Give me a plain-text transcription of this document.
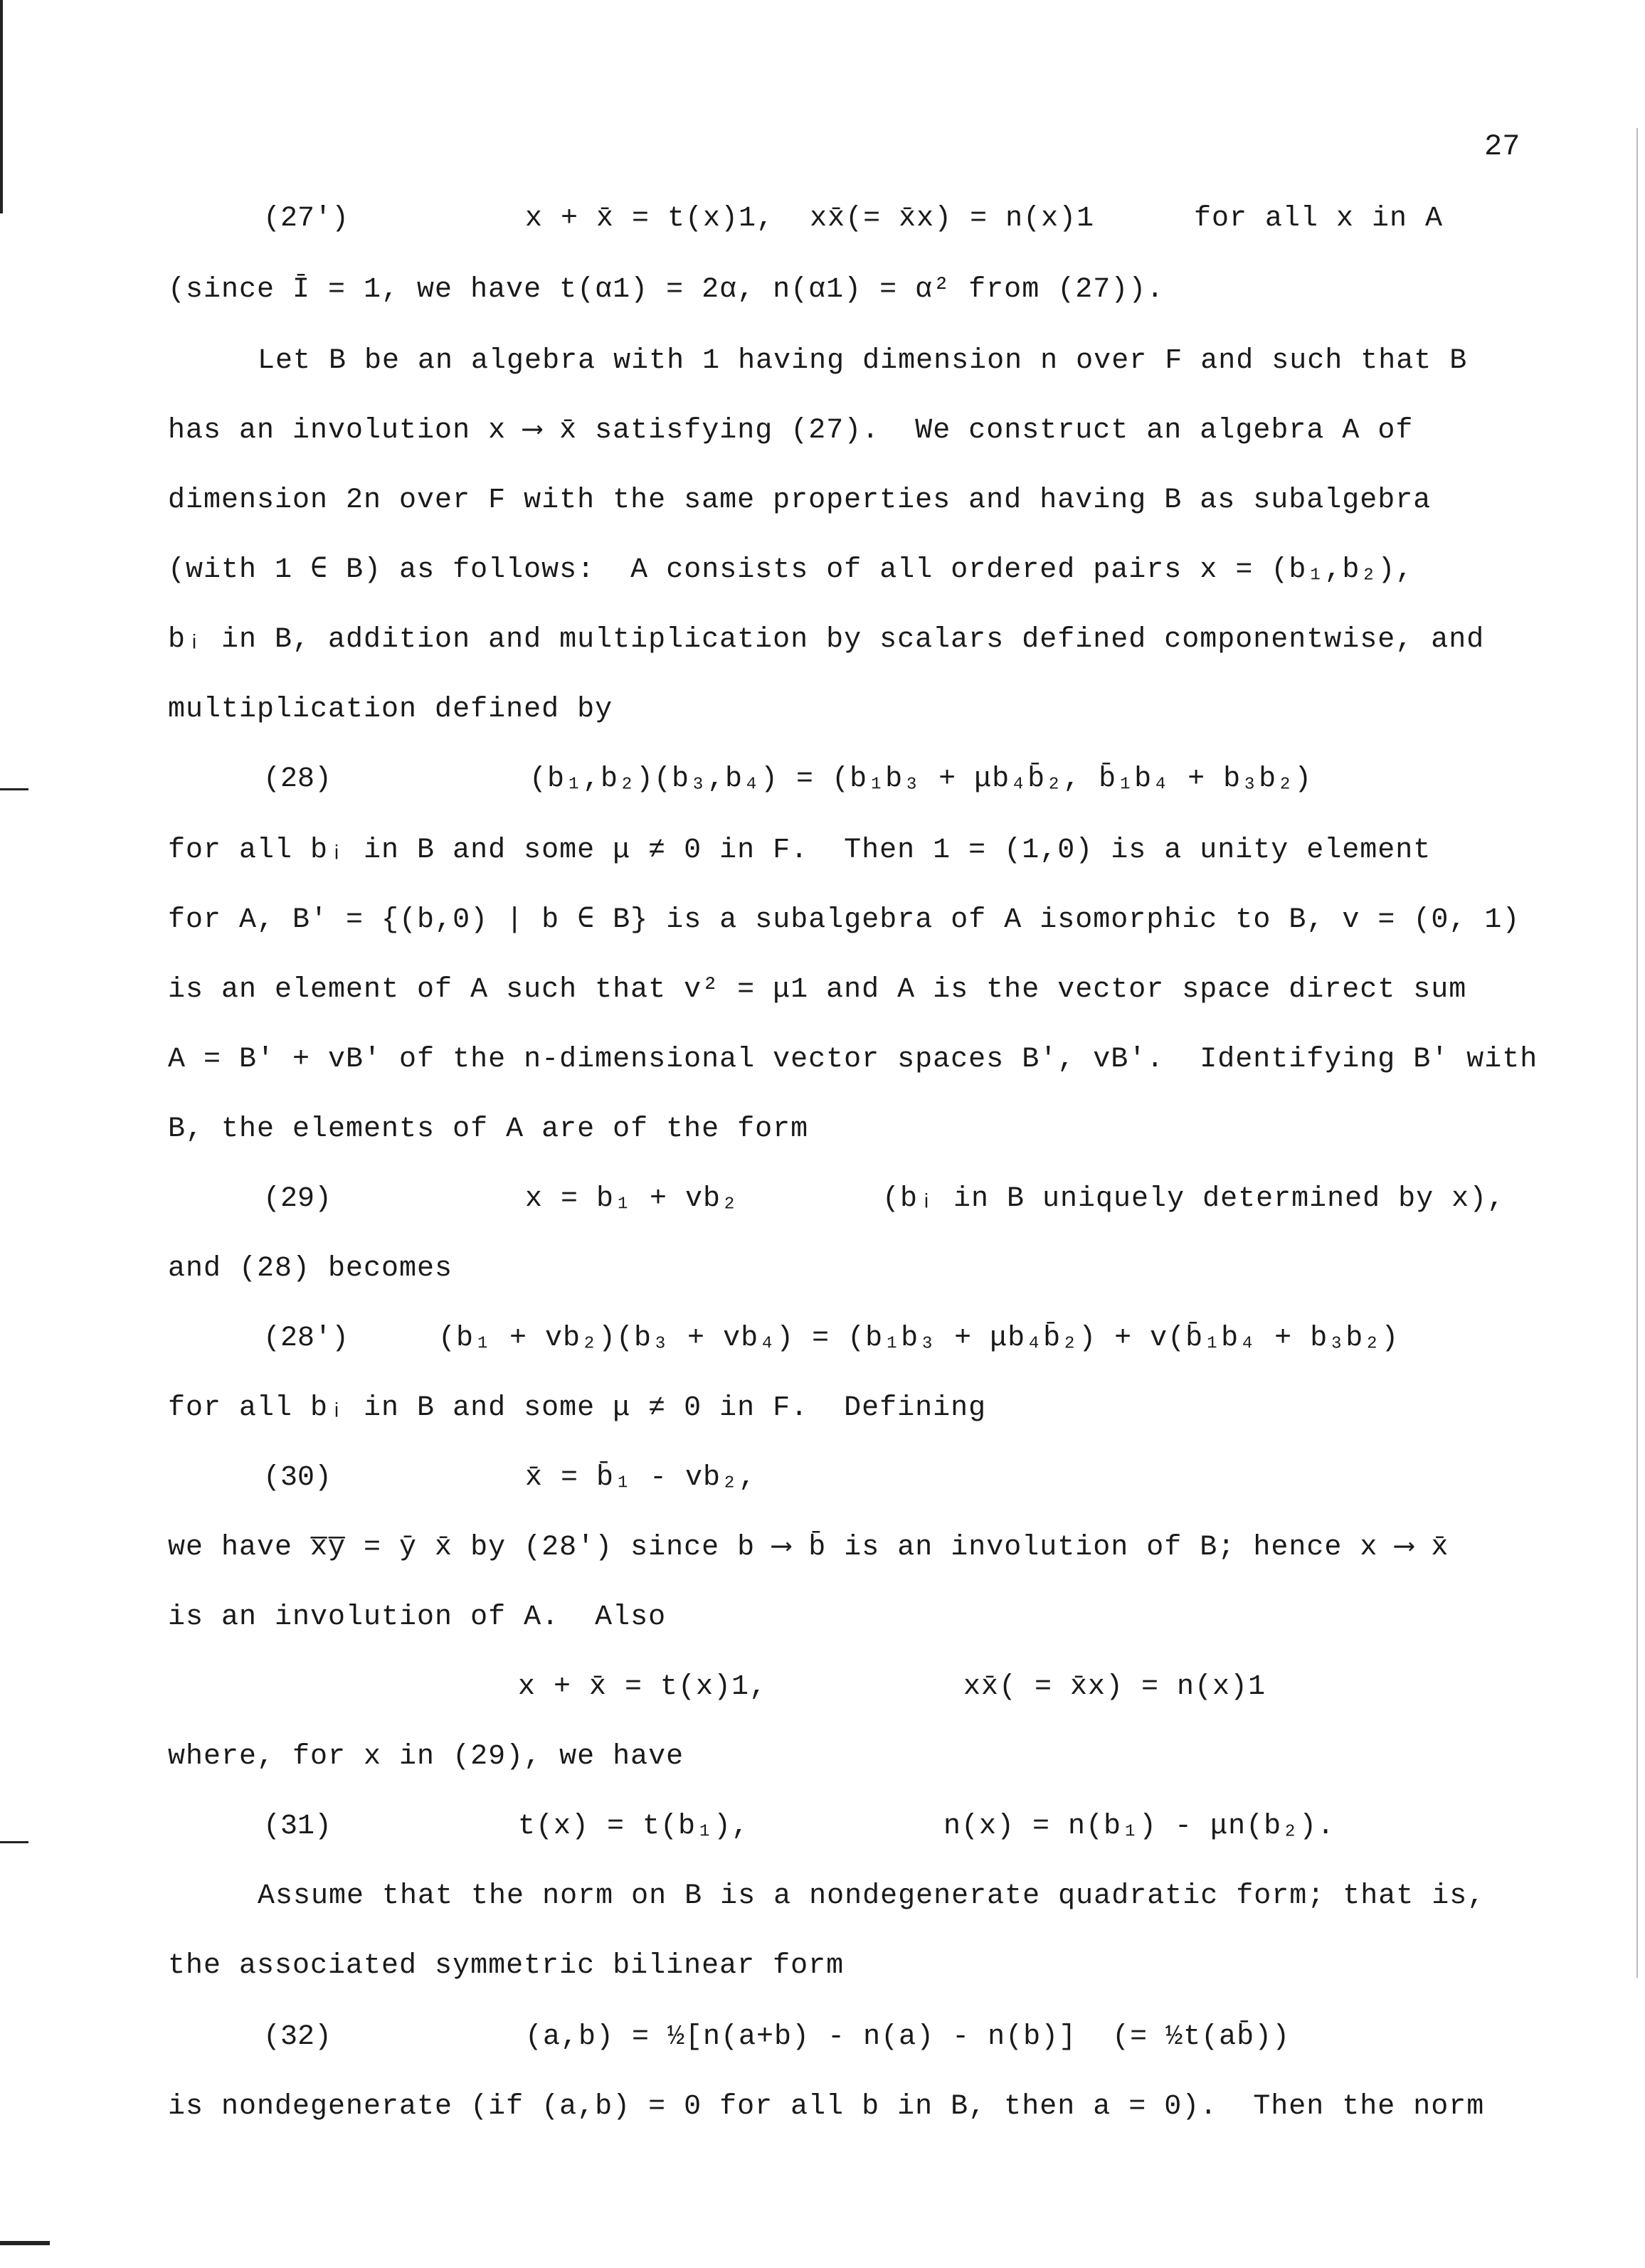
27
(27')	x + x̄ = t(x)1,  xx̄(= x̄x) = n(x)1	for all x in A
(since Ī = 1, we have t(α1) = 2α, n(α1) = α² from (27)).
Let B be an algebra with 1 having dimension n over F and such that B
has an involution x ⟶ x̄ satisfying (27).  We construct an algebra A of
dimension 2n over F with the same properties and having B as subalgebra
(with 1 ∈ B) as follows:  A consists of all ordered pairs x = (b₁,b₂),
bᵢ in B, addition and multiplication by scalars defined componentwise, and
multiplication defined by
(28)	(b₁,b₂)(b₃,b₄) = (b₁b₃ + μb₄b̄₂, b̄₁b₄ + b₃b₂)
for all bᵢ in B and some μ ≠ 0 in F.  Then 1 = (1,0) is a unity element
for A, B' = {(b,0) | b ∈ B} is a subalgebra of A isomorphic to B, v = (0, 1)
is an element of A such that v² = μ1 and A is the vector space direct sum
A = B' + vB' of the n-dimensional vector spaces B', vB'.  Identifying B' with
B, the elements of A are of the form
(29)	x = b₁ + vb₂	(bᵢ in B uniquely determined by x),
and (28) becomes
(28')	(b₁ + vb₂)(b₃ + vb₄) = (b₁b₃ + μb₄b̄₂) + v(b̄₁b₄ + b₃b₂)
for all bᵢ in B and some μ ≠ 0 in F.  Defining
(30)	x̄ = b̄₁ - vb₂,
we have x̅y̅ = ȳ x̄ by (28') since b ⟶ b̄ is an involution of B; hence x ⟶ x̄
is an involution of A.  Also
x + x̄ = t(x)1,	xx̄( = x̄x) = n(x)1
where, for x in (29), we have
(31)	t(x) = t(b₁),	n(x) = n(b₁) - μn(b₂).
Assume that the norm on B is a nondegenerate quadratic form; that is,
the associated symmetric bilinear form
(32)	(a,b) = ½[n(a+b) - n(a) - n(b)]  (= ½t(ab̄))
is nondegenerate (if (a,b) = 0 for all b in B, then a = 0).  Then the norm
